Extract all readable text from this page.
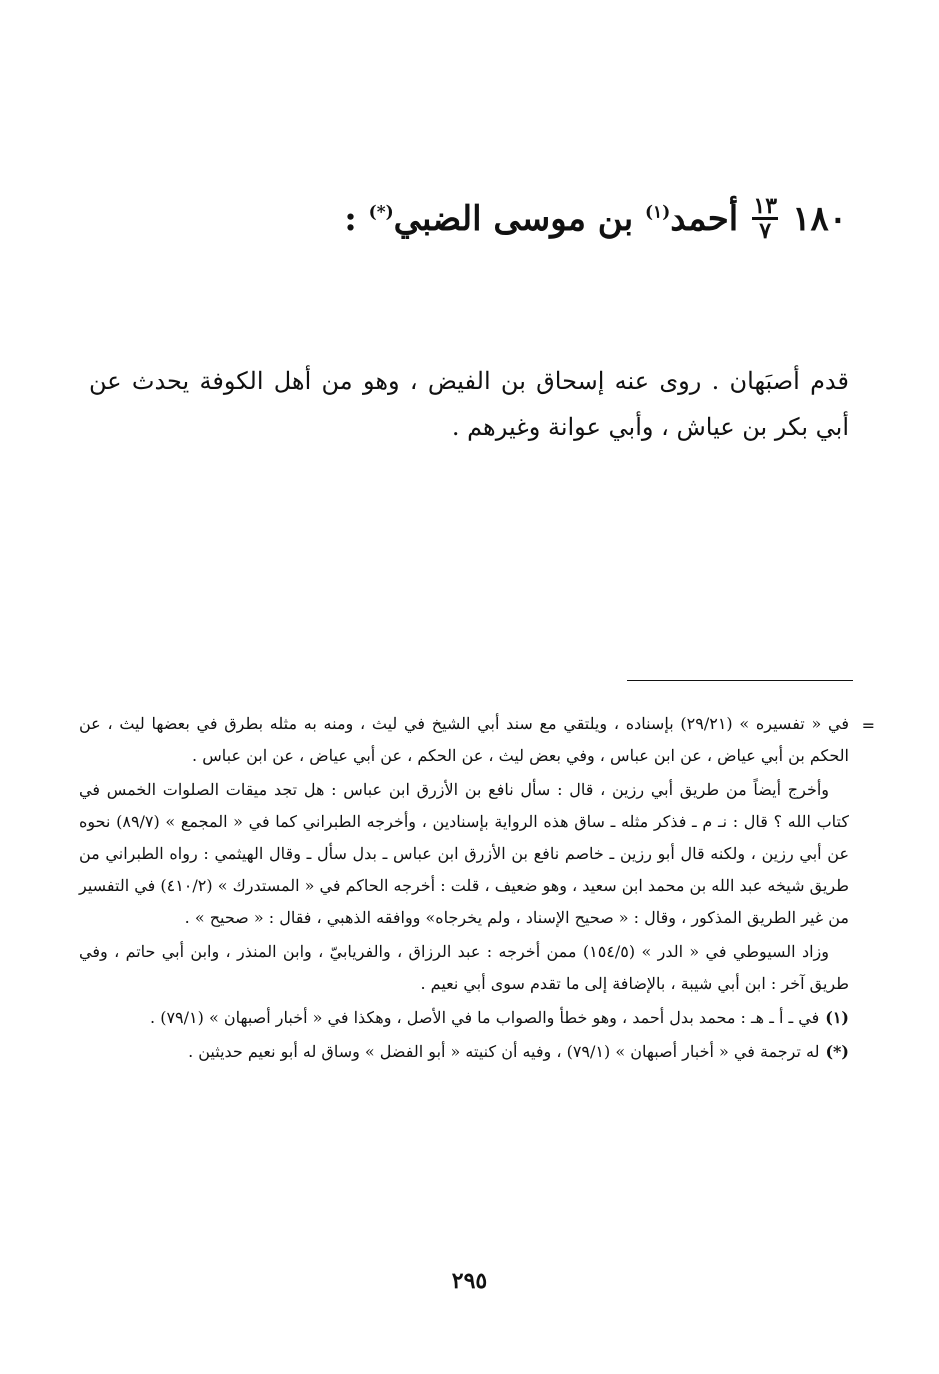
١٨٠
$\frac{١٣}{٧}$
أحمد$^{(١)}$ بن موسى الضبي(*) :
قدم أصبَهان . روى عنه إسحاق بن الفيض ، وهو من أهل الكوفة يحدث عن أبي بكر بن عياش ، وأبي عوانة وغيرهم .
=

في « تفسيره » (٢٩/٢١) بإسناده ، ويلتقي مع سند أبي الشيخ في ليث ، ومنه به مثله بطرق في بعضها ليث ، عن الحكم بن أبي عياض ، عن ابن عباس ، وفي بعض ليث ، عن الحكم ، عن أبي عياض ، عن ابن عباس .

وأخرج أيضاً من طريق أبي رزين ، قال : سأل نافع بن الأزرق ابن عباس : هل تجد ميقات الصلوات الخمس في كتاب الله ؟ قال : نـ م ـ فذكر مثله ـ ساق هذه الرواية بإسنادين ، وأخرجه الطبراني كما في « المجمع » (٨٩/٧) نحوه عن أبي رزين ، ولكنه قال أبو رزين ـ خاصم نافع بن الأزرق ابن عباس ـ بدل سأل ـ وقال الهيثمي : رواه الطبراني من طريق شيخه عبد الله بن محمد ابن سعيد ، وهو ضعيف ، قلت : أخرجه الحاكم في « المستدرك » (٤١٠/٢) في التفسير من غير الطريق المذكور ، وقال : « صحيح الإسناد ، ولم يخرجاه» ووافقه الذهبي ، فقال : « صحيح » .

وزاد السيوطي في « الدر » (١٥٤/٥) ممن أخرجه : عبد الرزاق ، والفريابيّ ، وابن المنذر ، وابن أبي حاتم ، وفي طريق آخر : ابن أبي شيبة ، بالإضافة إلى ما تقدم سوى أبي نعيم .

(١)في ـ أ ـ هـ : محمد بدل أحمد ، وهو خطأ والصواب ما في الأصل ، وهكذا في « أخبار أصبهان » (٧٩/١) .

(*)له ترجمة في « أخبار أصبهان » (٧٩/١) ، وفيه أن كنيته « أبو الفضل » وساق له أبو نعيم حديثين .

٢٩٥
